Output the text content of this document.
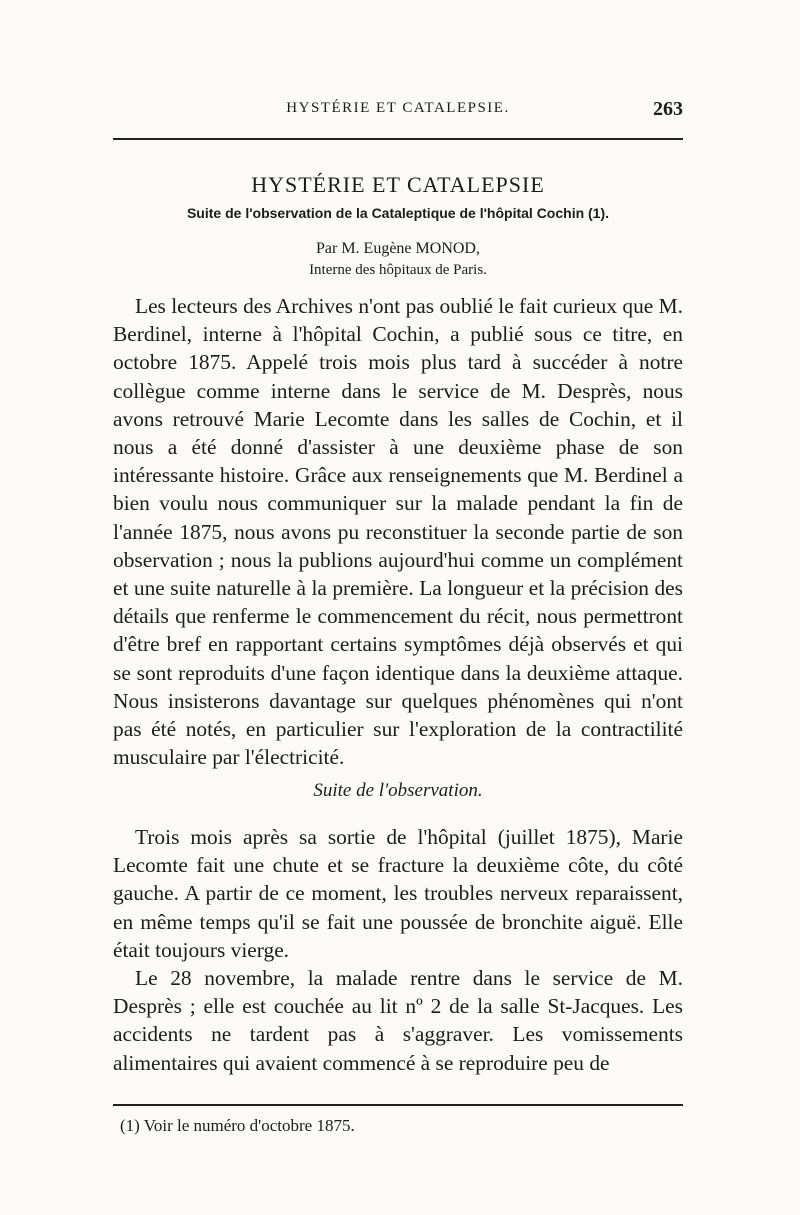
HYSTÉRIE ET CATALEPSIE.	263
HYSTÉRIE ET CATALEPSIE
Suite de l'observation de la Cataleptique de l'hôpital Cochin (1).
Par M. Eugène MONOD,
Interne des hôpitaux de Paris.

Les lecteurs des Archives n'ont pas oublié le fait curieux que M. Berdinel, interne à l'hôpital Cochin, a publié sous ce titre, en octobre 1875. Appelé trois mois plus tard à succéder à notre collègue comme interne dans le service de M. Desprès, nous avons retrouvé Marie Lecomte dans les salles de Cochin, et il nous a été donné d'assister à une deuxième phase de son intéressante histoire. Grâce aux renseignements que M. Berdinel a bien voulu nous communiquer sur la malade pendant la fin de l'année 1875, nous avons pu reconstituer la seconde partie de son observation ; nous la publions aujourd'hui comme un complément et une suite naturelle à la première. La longueur et la précision des détails que renferme le commencement du récit, nous permettront d'être bref en rapportant certains symptômes déjà observés et qui se sont reproduits d'une façon identique dans la deuxième attaque. Nous insisterons davantage sur quelques phénomènes qui n'ont pas été notés, en particulier sur l'exploration de la contractilité musculaire par l'électricité.

Suite de l'observation.

Trois mois après sa sortie de l'hôpital (juillet 1875), Marie Lecomte fait une chute et se fracture la deuxième côte, du côté gauche. A partir de ce moment, les troubles nerveux reparaissent, en même temps qu'il se fait une poussée de bronchite aiguë. Elle était toujours vierge.

Le 28 novembre, la malade rentre dans le service de M. Desprès ; elle est couchée au lit nº 2 de la salle St-Jacques. Les accidents ne tardent pas à s'aggraver. Les vomissements alimentaires qui avaient commencé à se reproduire peu de

(1) Voir le numéro d'octobre 1875.
